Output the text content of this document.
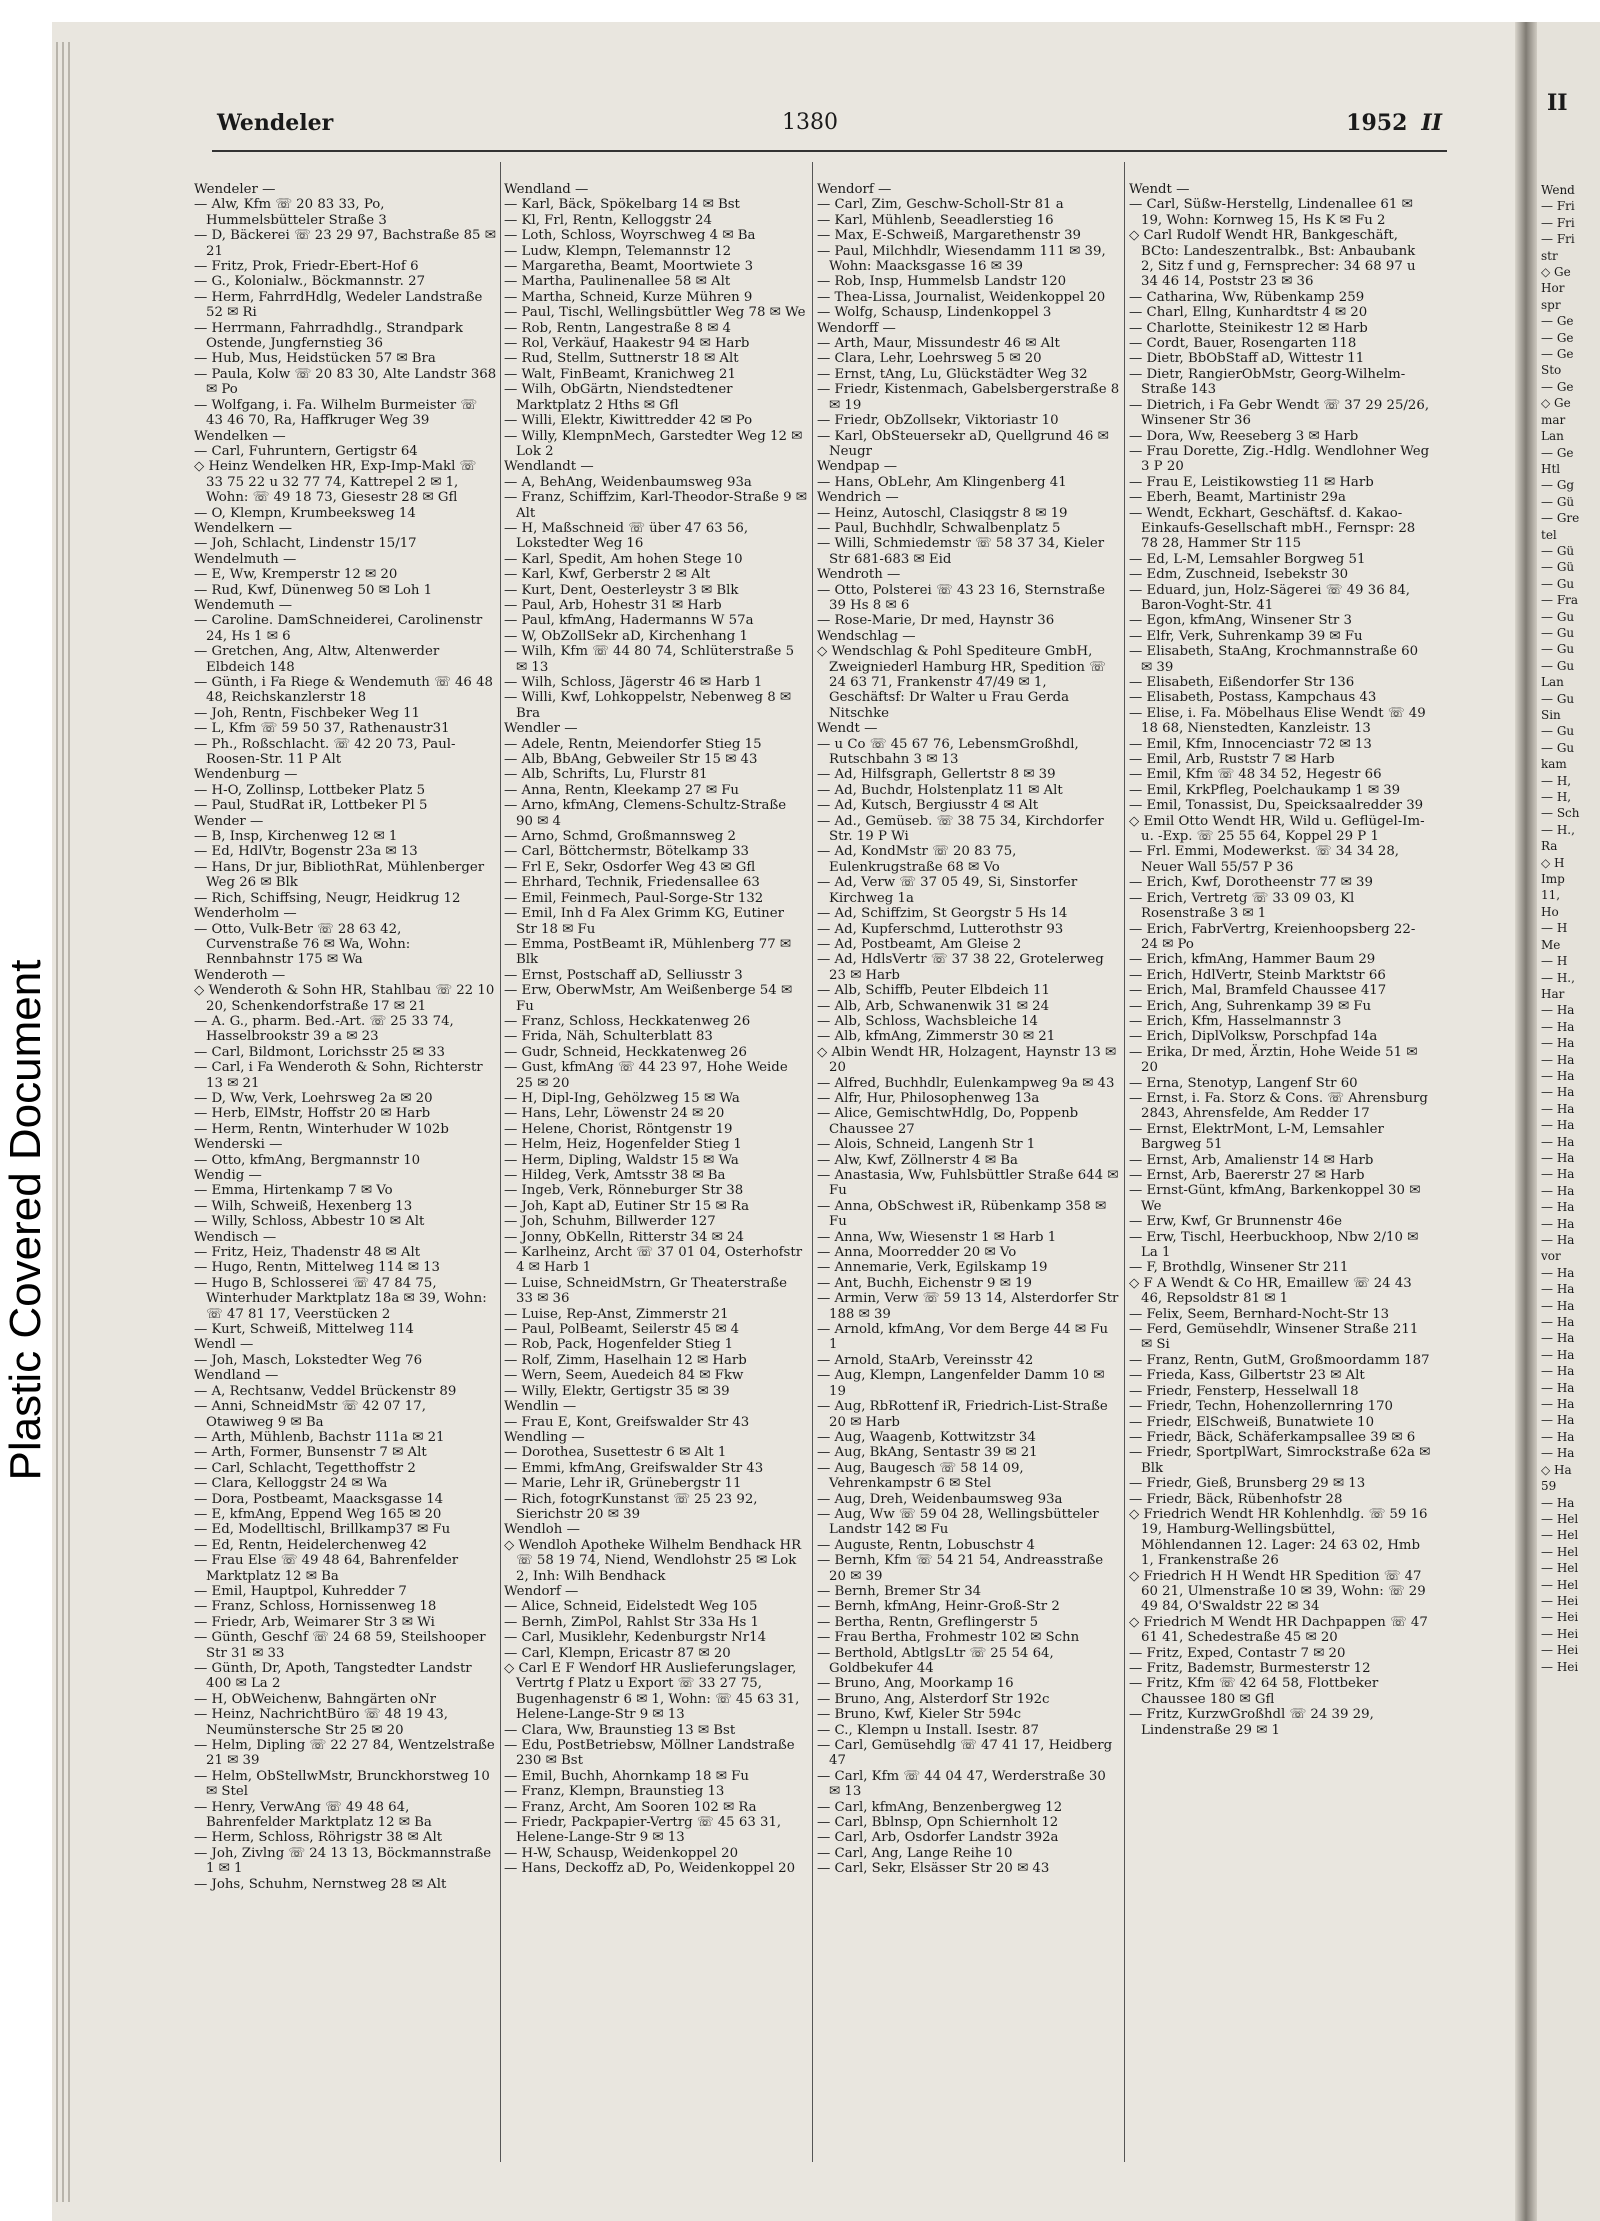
Plastic Covered Document
Wendeler	1380	1952 II
Wendeler —
— Alw, Kfm ☏ 20 83 33, Po, Hummelsbütteler Straße 3
— D, Bäckerei ☏ 23 29 97, Bachstraße 85 ✉ 21
— Fritz, Prok, Friedr-Ebert-Hof 6
— G., Kolonialw., Böckmannstr. 27
— Herm, FahrrdHdlg, Wedeler Landstraße 52 ✉ Ri
— Herrmann, Fahrradhdlg., Strandpark Ostende, Jungfernstieg 36
— Hub, Mus, Heidstücken 57 ✉ Bra
— Paula, Kolw ☏ 20 83 30, Alte Landstr 368 ✉ Po
— Wolfgang, i. Fa. Wilhelm Burmeister ☏ 43 46 70, Ra, Haffkruger Weg 39
Wendelken —
— Carl, Fuhruntern, Gertigstr 64
◇ Heinz Wendelken HR, Exp-Imp-Makl ☏ 33 75 22 u 32 77 74, Kattrepel 2 ✉ 1, Wohn: ☏ 49 18 73, Giesestr 28 ✉ Gfl
— O, Klempn, Krumbeeksweg 14
Wendelkern —
— Joh, Schlacht, Lindenstr 15/17
Wendelmuth —
— E, Ww, Kremperstr 12 ✉ 20
— Rud, Kwf, Dünenweg 50 ✉ Loh 1
Wendemuth —
— Caroline. DamSchneiderei, Carolinenstr 24, Hs 1 ✉ 6
— Gretchen, Ang, Altw, Altenwerder Elbdeich 148
— Günth, i Fa Riege & Wendemuth ☏ 46 48 48, Reichskanzlerstr 18
— Joh, Rentn, Fischbeker Weg 11
— L, Kfm ☏ 59 50 37, Rathenaustr31
— Ph., Roßschlacht. ☏ 42 20 73, Paul-Roosen-Str. 11 P Alt
Wendenburg —
— H-O, Zollinsp, Lottbeker Platz 5
— Paul, StudRat iR, Lottbeker Pl 5
Wender —
— B, Insp, Kirchenweg 12 ✉ 1
— Ed, HdlVtr, Bogenstr 23a ✉ 13
— Hans, Dr jur, BibliothRat, Mühlenberger Weg 26 ✉ Blk
— Rich, Schiffsing, Neugr, Heidkrug 12
Wenderholm —
— Otto, Vulk-Betr ☏ 28 63 42, Curvenstraße 76 ✉ Wa, Wohn: Rennbahnstr 175 ✉ Wa
Wenderoth —
◇ Wenderoth & Sohn HR, Stahlbau ☏ 22 10 20, Schenkendorfstraße 17 ✉ 21
— A. G., pharm. Bed.-Art. ☏ 25 33 74, Hasselbrookstr 39 a ✉ 23
— Carl, Bildmont, Lorichsstr 25 ✉ 33
— Carl, i Fa Wenderoth & Sohn, Richterstr 13 ✉ 21
— D, Ww, Verk, Loehrsweg 2a ✉ 20
— Herb, ElMstr, Hoffstr 20 ✉ Harb
— Herm, Rentn, Winterhuder W 102b
Wenderski —
— Otto, kfmAng, Bergmannstr 10
Wendig —
— Emma, Hirtenkamp 7 ✉ Vo
— Wilh, Schweiß, Hexenberg 13
— Willy, Schloss, Abbestr 10 ✉ Alt
Wendisch —
— Fritz, Heiz, Thadenstr 48 ✉ Alt
— Hugo, Rentn, Mittelweg 114 ✉ 13
— Hugo B, Schlosserei ☏ 47 84 75, Winterhuder Marktplatz 18a ✉ 39, Wohn: ☏ 47 81 17, Veerstücken 2
— Kurt, Schweiß, Mittelweg 114
Wendl —
— Joh, Masch, Lokstedter Weg 76
Wendland —
— A, Rechtsanw, Veddel Brückenstr 89
— Anni, SchneidMstr ☏ 42 07 17, Otawiweg 9 ✉ Ba
— Arth, Mühlenb, Bachstr 111a ✉ 21
— Arth, Former, Bunsenstr 7 ✉ Alt
— Carl, Schlacht, Tegetthoffstr 2
— Clara, Kelloggstr 24 ✉ Wa
— Dora, Postbeamt, Maacksgasse 14
— E, kfmAng, Eppend Weg 165 ✉ 20
— Ed, Modelltischl, Brillkamp37 ✉ Fu
— Ed, Rentn, Heidelerchenweg 42
— Frau Else ☏ 49 48 64, Bahrenfelder Marktplatz 12 ✉ Ba
— Emil, Hauptpol, Kuhredder 7
— Franz, Schloss, Hornissenweg 18
— Friedr, Arb, Weimarer Str 3 ✉ Wi
— Günth, Geschf ☏ 24 68 59, Steilshooper Str 31 ✉ 33
— Günth, Dr, Apoth, Tangstedter Landstr 400 ✉ La 2
— H, ObWeichenw, Bahngärten oNr
— Heinz, NachrichtBüro ☏ 48 19 43, Neumünstersche Str 25 ✉ 20
— Helm, Dipling ☏ 22 27 84, Wentzelstraße 21 ✉ 39
— Helm, ObStellwMstr, Brunckhorstweg 10 ✉ Stel
— Henry, VerwAng ☏ 49 48 64, Bahrenfelder Marktplatz 12 ✉ Ba
— Herm, Schloss, Röhrigstr 38 ✉ Alt
— Joh, Zivlng ☏ 24 13 13, Böckmannstraße 1 ✉ 1
— Johs, Schuhm, Nernstweg 28 ✉ Alt
Wendland —
— Karl, Bäck, Spökelbarg 14 ✉ Bst
— Kl, Frl, Rentn, Kelloggstr 24
— Loth, Schloss, Woyrschweg 4 ✉ Ba
— Ludw, Klempn, Telemannstr 12
— Margaretha, Beamt, Moortwiete 3
— Martha, Paulinenallee 58 ✉ Alt
— Martha, Schneid, Kurze Mühren 9
— Paul, Tischl, Wellingsbüttler Weg 78 ✉ We
— Rob, Rentn, Langestraße 8 ✉ 4
— Rol, Verkäuf, Haakestr 94 ✉ Harb
— Rud, Stellm, Suttnerstr 18 ✉ Alt
— Walt, FinBeamt, Kranichweg 21
— Wilh, ObGärtn, Niendstedtener Marktplatz 2 Hths ✉ Gfl
— Willi, Elektr, Kiwittredder 42 ✉ Po
— Willy, KlempnMech, Garstedter Weg 12 ✉ Lok 2
Wendlandt —
— A, BehAng, Weidenbaumsweg 93a
— Franz, Schiffzim, Karl-Theodor-Straße 9 ✉ Alt
— H, Maßschneid ☏ über 47 63 56, Lokstedter Weg 16
— Karl, Spedit, Am hohen Stege 10
— Karl, Kwf, Gerberstr 2 ✉ Alt
— Kurt, Dent, Oesterleystr 3 ✉ Blk
— Paul, Arb, Hohestr 31 ✉ Harb
— Paul, kfmAng, Hadermanns W 57a
— W, ObZollSekr aD, Kirchenhang 1
— Wilh, Kfm ☏ 44 80 74, Schlüterstraße 5 ✉ 13
— Wilh, Schloss, Jägerstr 46 ✉ Harb 1
— Willi, Kwf, Lohkoppelstr, Nebenweg 8 ✉ Bra
Wendler —
— Adele, Rentn, Meiendorfer Stieg 15
— Alb, BbAng, Gebweiler Str 15 ✉ 43
— Alb, Schrifts, Lu, Flurstr 81
— Anna, Rentn, Kleekamp 27 ✉ Fu
— Arno, kfmAng, Clemens-Schultz-Straße 90 ✉ 4
— Arno, Schmd, Großmannsweg 2
— Carl, Böttchermstr, Bötelkamp 33
— Frl E, Sekr, Osdorfer Weg 43 ✉ Gfl
— Ehrhard, Technik, Friedensallee 63
— Emil, Feinmech, Paul-Sorge-Str 132
— Emil, Inh d Fa Alex Grimm KG, Eutiner Str 18 ✉ Fu
— Emma, PostBeamt iR, Mühlenberg 77 ✉ Blk
— Ernst, Postschaff aD, Selliusstr 3
— Erw, OberwMstr, Am Weißenberge 54 ✉ Fu
— Franz, Schloss, Heckkatenweg 26
— Frida, Näh, Schulterblatt 83
— Gudr, Schneid, Heckkatenweg 26
— Gust, kfmAng ☏ 44 23 97, Hohe Weide 25 ✉ 20
— H, Dipl-Ing, Gehölzweg 15 ✉ Wa
— Hans, Lehr, Löwenstr 24 ✉ 20
— Helene, Chorist, Röntgenstr 19
— Helm, Heiz, Hogenfelder Stieg 1
— Herm, Dipling, Waldstr 15 ✉ Wa
— Hildeg, Verk, Amtsstr 38 ✉ Ba
— Ingeb, Verk, Rönneburger Str 38
— Joh, Kapt aD, Eutiner Str 15 ✉ Ra
— Joh, Schuhm, Billwerder 127
— Jonny, ObKelln, Ritterstr 34 ✉ 24
— Karlheinz, Archt ☏ 37 01 04, Osterhofstr 4 ✉ Harb 1
— Luise, SchneidMstrn, Gr Theaterstraße 33 ✉ 36
— Luise, Rep-Anst, Zimmerstr 21
— Paul, PolBeamt, Seilerstr 45 ✉ 4
— Rob, Pack, Hogenfelder Stieg 1
— Rolf, Zimm, Haselhain 12 ✉ Harb
— Wern, Seem, Auedeich 84 ✉ Fkw
— Willy, Elektr, Gertigstr 35 ✉ 39
Wendlin —
— Frau E, Kont, Greifswalder Str 43
Wendling —
— Dorothea, Susettestr 6 ✉ Alt 1
— Emmi, kfmAng, Greifswalder Str 43
— Marie, Lehr iR, Grünebergstr 11
— Rich, fotogrKunstanst ☏ 25 23 92, Sierichstr 20 ✉ 39
Wendloh —
◇ Wendloh Apotheke Wilhelm Bendhack HR ☏ 58 19 74, Niend, Wendlohstr 25 ✉ Lok 2, Inh: Wilh Bendhack
Wendorf —
— Alice, Schneid, Eidelstedt Weg 105
— Bernh, ZimPol, Rahlst Str 33a Hs 1
— Carl, Musiklehr, Kedenburgstr Nr14
— Carl, Klempn, Ericastr 87 ✉ 20
◇ Carl E F Wendorf HR Auslieferungslager, Vertrtg f Platz u Export ☏ 33 27 75, Bugenhagenstr 6 ✉ 1, Wohn: ☏ 45 63 31, Helene-Lange-Str 9 ✉ 13
— Clara, Ww, Braunstieg 13 ✉ Bst
— Edu, PostBetriebsw, Möllner Landstraße 230 ✉ Bst
— Emil, Buchh, Ahornkamp 18 ✉ Fu
— Franz, Klempn, Braunstieg 13
— Franz, Archt, Am Sooren 102 ✉ Ra
— Friedr, Packpapier-Vertrg ☏ 45 63 31, Helene-Lange-Str 9 ✉ 13
— H-W, Schausp, Weidenkoppel 20
— Hans, Deckoffz aD, Po, Weidenkoppel 20
Wendorf —
— Carl, Zim, Geschw-Scholl-Str 81 a
— Karl, Mühlenb, Seeadlerstieg 16
— Max, E-Schweiß, Margarethenstr 39
— Paul, Milchhdlr, Wiesendamm 111 ✉ 39, Wohn: Maacksgasse 16 ✉ 39
— Rob, Insp, Hummelsb Landstr 120
— Thea-Lissa, Journalist, Weidenkoppel 20
— Wolfg, Schausp, Lindenkoppel 3
Wendorff —
— Arth, Maur, Missundestr 46 ✉ Alt
— Clara, Lehr, Loehrsweg 5 ✉ 20
— Ernst, tAng, Lu, Glückstädter Weg 32
— Friedr, Kistenmach, Gabelsbergerstraße 8 ✉ 19
— Friedr, ObZollsekr, Viktoriastr 10
— Karl, ObSteuersekr aD, Quellgrund 46 ✉ Neugr
Wendpap —
— Hans, ObLehr, Am Klingenberg 41
Wendrich —
— Heinz, Autoschl, Clasiqgstr 8 ✉ 19
— Paul, Buchhdlr, Schwalbenplatz 5
— Willi, Schmiedemstr ☏ 58 37 34, Kieler Str 681-683 ✉ Eid
Wendroth —
— Otto, Polsterei ☏ 43 23 16, Sternstraße 39 Hs 8 ✉ 6
— Rose-Marie, Dr med, Haynstr 36
Wendschlag —
◇ Wendschlag & Pohl Spediteure GmbH, Zweigniederl Hamburg HR, Spedition ☏ 24 63 71, Frankenstr 47/49 ✉ 1, Geschäftsf: Dr Walter u Frau Gerda Nitschke
Wendt —
— u Co ☏ 45 67 76, LebensmGroßhdl, Rutschbahn 3 ✉ 13
— Ad, Hilfsgraph, Gellertstr 8 ✉ 39
— Ad, Buchdr, Holstenplatz 11 ✉ Alt
— Ad, Kutsch, Bergiusstr 4 ✉ Alt
— Ad., Gemüseb. ☏ 38 75 34, Kirchdorfer Str. 19 P Wi
— Ad, KondMstr ☏ 20 83 75, Eulenkrugstraße 68 ✉ Vo
— Ad, Verw ☏ 37 05 49, Si, Sinstorfer Kirchweg 1a
— Ad, Schiffzim, St Georgstr 5 Hs 14
— Ad, Kupferschmd, Lutterothstr 93
— Ad, Postbeamt, Am Gleise 2
— Ad, HdlsVertr ☏ 37 38 22, Grotelerweg 23 ✉ Harb
— Alb, Schiffb, Peuter Elbdeich 11
— Alb, Arb, Schwanenwik 31 ✉ 24
— Alb, Schloss, Wachsbleiche 14
— Alb, kfmAng, Zimmerstr 30 ✉ 21
◇ Albin Wendt HR, Holzagent, Haynstr 13 ✉ 20
— Alfred, Buchhdlr, Eulenkampweg 9a ✉ 43
— Alfr, Hur, Philosophenweg 13a
— Alice, GemischtwHdlg, Do, Poppenb Chaussee 27
— Alois, Schneid, Langenh Str 1
— Alw, Kwf, Zöllnerstr 4 ✉ Ba
— Anastasia, Ww, Fuhlsbüttler Straße 644 ✉ Fu
— Anna, ObSchwest iR, Rübenkamp 358 ✉ Fu
— Anna, Ww, Wiesenstr 1 ✉ Harb 1
— Anna, Moorredder 20 ✉ Vo
— Annemarie, Verk, Egilskamp 19
— Ant, Buchh, Eichenstr 9 ✉ 19
— Armin, Verw ☏ 59 13 14, Alsterdorfer Str 188 ✉ 39
— Arnold, kfmAng, Vor dem Berge 44 ✉ Fu 1
— Arnold, StaArb, Vereinsstr 42
— Aug, Klempn, Langenfelder Damm 10 ✉ 19
— Aug, RbRottenf iR, Friedrich-List-Straße 20 ✉ Harb
— Aug, Waagenb, Kottwitzstr 34
— Aug, BkAng, Sentastr 39 ✉ 21
— Aug, Baugesch ☏ 58 14 09, Vehrenkampstr 6 ✉ Stel
— Aug, Dreh, Weidenbaumsweg 93a
— Aug, Ww ☏ 59 04 28, Wellingsbütteler Landstr 142 ✉ Fu
— Auguste, Rentn, Lobuschstr 4
— Bernh, Kfm ☏ 54 21 54, Andreasstraße 20 ✉ 39
— Bernh, Bremer Str 34
— Bernh, kfmAng, Heinr-Groß-Str 2
— Bertha, Rentn, Greflingerstr 5
— Frau Bertha, Frohmestr 102 ✉ Schn
— Berthold, AbtlgsLtr ☏ 25 54 64, Goldbekufer 44
— Bruno, Ang, Moorkamp 16
— Bruno, Ang, Alsterdorf Str 192c
— Bruno, Kwf, Kieler Str 594c
— C., Klempn u Install. Isestr. 87
— Carl, Gemüsehdlg ☏ 47 41 17, Heidberg 47
— Carl, Kfm ☏ 44 04 47, Werderstraße 30 ✉ 13
— Carl, kfmAng, Benzenbergweg 12
— Carl, Bblnsp, Opn Schiernholt 12
— Carl, Arb, Osdorfer Landstr 392a
— Carl, Ang, Lange Reihe 10
— Carl, Sekr, Elsässer Str 20 ✉ 43
Wendt —
— Carl, Süßw-Herstellg, Lindenallee 61 ✉ 19, Wohn: Kornweg 15, Hs K ✉ Fu 2
◇ Carl Rudolf Wendt HR, Bankgeschäft, BCto: Landeszentralbk., Bst: Anbaubank 2, Sitz f und g, Fernsprecher: 34 68 97 u 34 46 14, Poststr 23 ✉ 36
— Catharina, Ww, Rübenkamp 259
— Charl, Ellng, Kunhardtstr 4 ✉ 20
— Charlotte, Steinikestr 12 ✉ Harb
— Cordt, Bauer, Rosengarten 118
— Dietr, BbObStaff aD, Wittestr 11
— Dietr, RangierObMstr, Georg-Wilhelm-Straße 143
— Dietrich, i Fa Gebr Wendt ☏ 37 29 25/26, Winsener Str 36
— Dora, Ww, Reeseberg 3 ✉ Harb
— Frau Dorette, Zig.-Hdlg. Wendlohner Weg 3 P 20
— Frau E, Leistikowstieg 11 ✉ Harb
— Eberh, Beamt, Martinistr 29a
— Wendt, Eckhart, Geschäftsf. d. Kakao-Einkaufs-Gesellschaft mbH., Fernspr: 28 78 28, Hammer Str 115
— Ed, L-M, Lemsahler Borgweg 51
— Edm, Zuschneid, Isebekstr 30
— Eduard, jun, Holz-Sägerei ☏ 49 36 84, Baron-Voght-Str. 41
— Egon, kfmAng, Winsener Str 3
— Elfr, Verk, Suhrenkamp 39 ✉ Fu
— Elisabeth, StaAng, Krochmannstraße 60 ✉ 39
— Elisabeth, Eißendorfer Str 136
— Elisabeth, Postass, Kampchaus 43
— Elise, i. Fa. Möbelhaus Elise Wendt ☏ 49 18 68, Nienstedten, Kanzleistr. 13
— Emil, Kfm, Innocenciastr 72 ✉ 13
— Emil, Arb, Ruststr 7 ✉ Harb
— Emil, Kfm ☏ 48 34 52, Hegestr 66
— Emil, KrkPfleg, Poelchaukamp 1 ✉ 39
— Emil, Tonassist, Du, Speicksaalredder 39
◇ Emil Otto Wendt HR, Wild u. Geflügel-Im- u. -Exp. ☏ 25 55 64, Koppel 29 P 1
— Frl. Emmi, Modewerkst. ☏ 34 34 28, Neuer Wall 55/57 P 36
— Erich, Kwf, Dorotheenstr 77 ✉ 39
— Erich, Vertretg ☏ 33 09 03, Kl Rosenstraße 3 ✉ 1
— Erich, FabrVertrg, Kreienhoopsberg 22-24 ✉ Po
— Erich, kfmAng, Hammer Baum 29
— Erich, HdlVertr, Steinb Marktstr 66
— Erich, Mal, Bramfeld Chaussee 417
— Erich, Ang, Suhrenkamp 39 ✉ Fu
— Erich, Kfm, Hasselmannstr 3
— Erich, DiplVolksw, Porschpfad 14a
— Erika, Dr med, Ärztin, Hohe Weide 51 ✉ 20
— Erna, Stenotyp, Langenf Str 60
— Ernst, i. Fa. Storz & Cons. ☏ Ahrensburg 2843, Ahrensfelde, Am Redder 17
— Ernst, ElektrMont, L-M, Lemsahler Bargweg 51
— Ernst, Arb, Amalienstr 14 ✉ Harb
— Ernst, Arb, Baererstr 27 ✉ Harb
— Ernst-Günt, kfmAng, Barkenkoppel 30 ✉ We
— Erw, Kwf, Gr Brunnenstr 46e
— Erw, Tischl, Heerbuckhoop, Nbw 2/10 ✉ La 1
— F, Brothdlg, Winsener Str 211
◇ F A Wendt & Co HR, Emaillew ☏ 24 43 46, Repsoldstr 81 ✉ 1
— Felix, Seem, Bernhard-Nocht-Str 13
— Ferd, Gemüsehdlr, Winsener Straße 211 ✉ Si
— Franz, Rentn, GutM, Großmoordamm 187
— Frieda, Kass, Gilbertstr 23 ✉ Alt
— Friedr, Fensterp, Hesselwall 18
— Friedr, Techn, Hohenzollernring 170
— Friedr, ElSchweiß, Bunatwiete 10
— Friedr, Bäck, Schäferkampsallee 39 ✉ 6
— Friedr, SportplWart, Simrockstraße 62a ✉ Blk
— Friedr, Gieß, Brunsberg 29 ✉ 13
— Friedr, Bäck, Rübenhofstr 28
◇ Friedrich Wendt HR Kohlenhdlg. ☏ 59 16 19, Hamburg-Wellingsbüttel, Möhlendannen 12. Lager: 24 63 02, Hmb 1, Frankenstraße 26
◇ Friedrich H H Wendt HR Spedition ☏ 47 60 21, Ulmenstraße 10 ✉ 39, Wohn: ☏ 29 49 84, O'Swaldstr 22 ✉ 34
◇ Friedrich M Wendt HR Dachpappen ☏ 47 61 41, Schedestraße 45 ✉ 20
— Fritz, Exped, Contastr 7 ✉ 20
— Fritz, Bademstr, Burmesterstr 12
— Fritz, Kfm ☏ 42 64 58, Flottbeker Chaussee 180 ✉ Gfl
— Fritz, KurzwGroßhdl ☏ 24 39 29, Lindenstraße 29 ✉ 1
II
Wend
— Fri
— Fri
— Fri
str
◇ Ge
Hor
spr
— Ge
— Ge
— Ge
Sto
— Ge
◇ Ge
mar
Lan
— Ge
Htl
— Gg
— Gü
— Gre
tel
— Gü
— Gü
— Gu
— Fra
— Gu
— Gu
— Gu
— Gu
Lan
— Gu
Sin
— Gu
— Gu
kam
— H,
— H,
— Sch
— H.,
Ra
◇ H
Imp
11,
Ho
— H
Me
— H
— H.,
Har
— Ha
— Ha
— Ha
— Ha
— Ha
— Ha
— Ha
— Ha
— Ha
— Ha
— Ha
— Ha
— Ha
— Ha
— Ha
vor
— Ha
— Ha
— Ha
— Ha
— Ha
— Ha
— Ha
— Ha
— Ha
— Ha
— Ha
— Ha
◇ Ha
59
— Ha
— Hel
— Hel
— Hel
— Hel
— Hel
— Hei
— Hei
— Hei
— Hei
— Hei
